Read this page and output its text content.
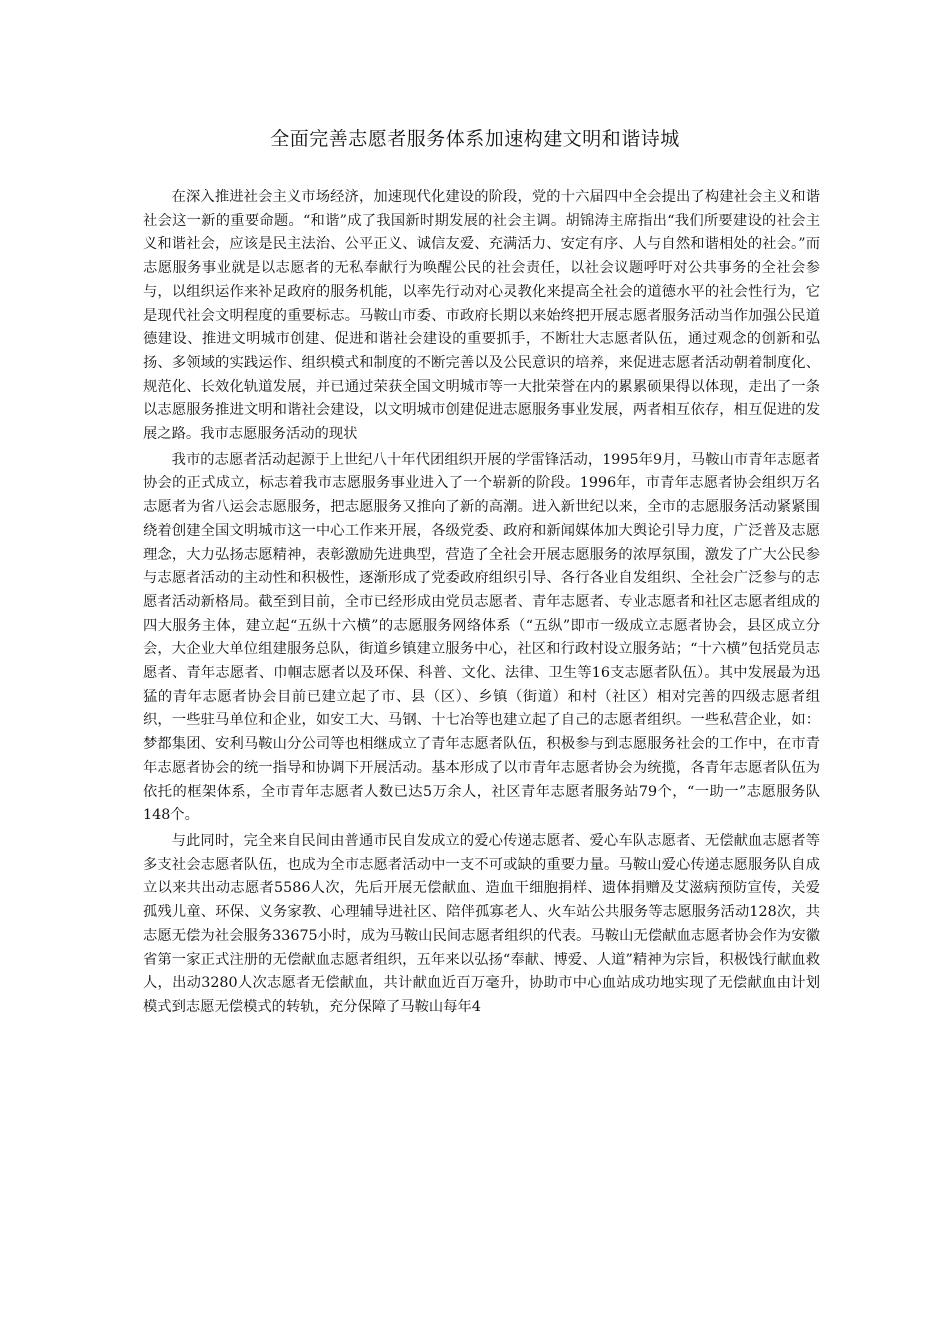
全面完善志愿者服务体系加速构建文明和谐诗城

在深入推进社会主义市场经济，加速现代化建设的阶段，党的十六届四中全会提出了构建社会主义和谐社会这一新的重要命题。“和谐”成了我国新时期发展的社会主调。胡锦涛主席指出“我们所要建设的社会主义和谐社会，应该是民主法治、公平正义、诚信友爱、充满活力、安定有序、人与自然和谐相处的社会。”而志愿服务事业就是以志愿者的无私奉献行为唤醒公民的社会责任，以社会议题呼吁对公共事务的全社会参与，以组织运作来补足政府的服务机能，以率先行动对心灵教化来提高全社会的道德水平的社会性行为，它是现代社会文明程度的重要标志。马鞍山市委、市政府长期以来始终把开展志愿者服务活动当作加强公民道德建设、推进文明城市创建、促进和谐社会建设的重要抓手，不断壮大志愿者队伍，通过观念的创新和弘扬、多领域的实践运作、组织模式和制度的不断完善以及公民意识的培养，来促进志愿者活动朝着制度化、规范化、长效化轨道发展，并已通过荣获全国文明城市等一大批荣誉在内的累累硕果得以体现，走出了一条以志愿服务推进文明和谐社会建设，以文明城市创建促进志愿服务事业发展，两者相互依存，相互促进的发展之路。我市志愿服务活动的现状

我市的志愿者活动起源于上世纪八十年代团组织开展的学雷锋活动，1995年9月，马鞍山市青年志愿者协会的正式成立，标志着我市志愿服务事业进入了一个崭新的阶段。1996年，市青年志愿者协会组织万名志愿者为省八运会志愿服务，把志愿服务又推向了新的高潮。进入新世纪以来，全市的志愿服务活动紧紧围绕着创建全国文明城市这一中心工作来开展，各级党委、政府和新闻媒体加大舆论引导力度，广泛普及志愿理念，大力弘扬志愿精神，表彰激励先进典型，营造了全社会开展志愿服务的浓厚氛围，激发了广大公民参与志愿者活动的主动性和积极性，逐渐形成了党委政府组织引导、各行各业自发组织、全社会广泛参与的志愿者活动新格局。截至到目前，全市已经形成由党员志愿者、青年志愿者、专业志愿者和社区志愿者组成的四大服务主体，建立起“五纵十六横”的志愿服务网络体系（“五纵”即市一级成立志愿者协会，县区成立分会，大企业大单位组建服务总队，街道乡镇建立服务中心，社区和行政村设立服务站；“十六横”包括党员志愿者、青年志愿者、巾帼志愿者以及环保、科普、文化、法律、卫生等16支志愿者队伍）。其中发展最为迅猛的青年志愿者协会目前已建立起了市、县（区）、乡镇（街道）和村（社区）相对完善的四级志愿者组织，一些驻马单位和企业，如安工大、马钢、十七冶等也建立起了自己的志愿者组织。一些私营企业，如：梦都集团、安利马鞍山分公司等也相继成立了青年志愿者队伍，积极参与到志愿服务社会的工作中，在市青年志愿者协会的统一指导和协调下开展活动。基本形成了以市青年志愿者协会为统揽，各青年志愿者队伍为依托的框架体系，全市青年志愿者人数已达5万余人，社区青年志愿者服务站79个，“一助一”志愿服务队148个。

与此同时，完全来自民间由普通市民自发成立的爱心传递志愿者、爱心车队志愿者、无偿献血志愿者等多支社会志愿者队伍，也成为全市志愿者活动中一支不可或缺的重要力量。马鞍山爱心传递志愿服务队自成立以来共出动志愿者5586人次，先后开展无偿献血、造血干细胞捐样、遗体捐赠及艾滋病预防宣传，关爱孤残儿童、环保、义务家教、心理辅导进社区、陪伴孤寡老人、火车站公共服务等志愿服务活动128次，共志愿无偿为社会服务33675小时，成为马鞍山民间志愿者组织的代表。马鞍山无偿献血志愿者协会作为安徽省第一家正式注册的无偿献血志愿者组织，五年来以弘扬“奉献、博爱、人道”精神为宗旨，积极饯行献血救人，出动3280人次志愿者无偿献血，共计献血近百万毫升，协助市中心血站成功地实现了无偿献血由计划模式到志愿无偿模式的转轨，充分保障了马鞍山每年4
